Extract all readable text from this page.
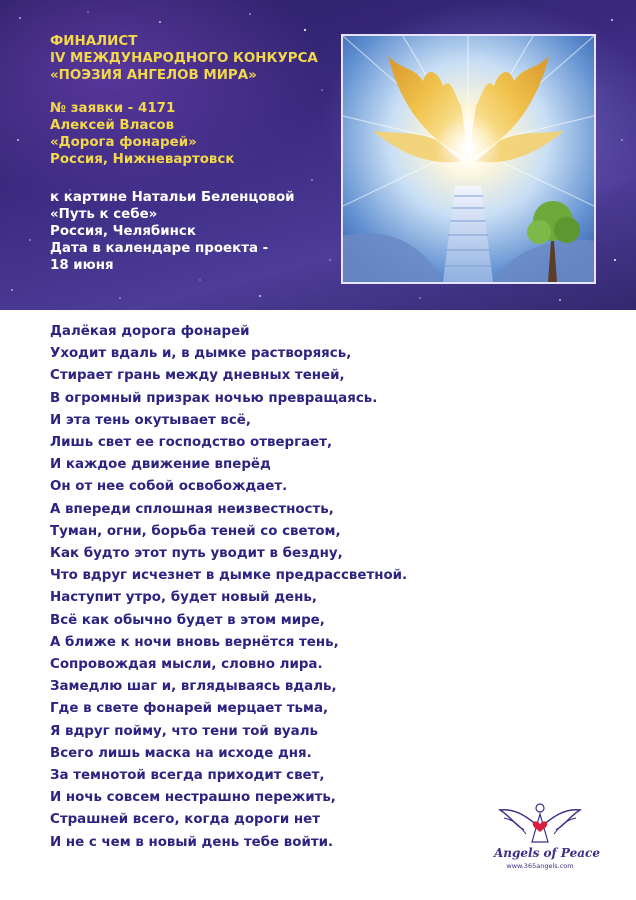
ФИНАЛИСТ
IV МЕЖДУНАРОДНОГО КОНКУРСА
«ПОЭЗИЯ АНГЕЛОВ МИРА»
№ заявки - 4171
Алексей Власов
«Дорога фонарей»
Россия, Нижневартовск
к картине Натальи Беленцовой
«Путь к себе»
Россия, Челябинск
Дата в календаре проекта -
18 июня
Далёкая дорога фонарей
Уходит вдаль и, в дымке растворяясь,
Стирает грань между дневных теней,
В огромный призрак ночью превращаясь.
И эта тень окутывает всё,
Лишь свет ее господство отвергает,
И каждое движение вперёд
Он от нее собой освобождает.
А впереди сплошная неизвестность,
Туман, огни, борьба теней со светом,
Как будто этот путь уводит в бездну,
Что вдруг исчезнет в дымке предрассветной.
Наступит утро, будет новый день,
Всё как обычно будет в этом мире,
А ближе к ночи вновь вернётся тень,
Сопровождая мысли, словно лира.
Замедлю шаг и, вглядываясь вдаль,
Где в свете фонарей мерцает тьма,
Я вдруг пойму, что тени той вуаль
Всего лишь маска на исходе дня.
За темнотой всегда приходит свет,
И ночь совсем нестрашно пережить,
Страшней всего, когда дороги нет
И не с чем в новый день тебе войти.
Angels of Peace
www.365angels.com
